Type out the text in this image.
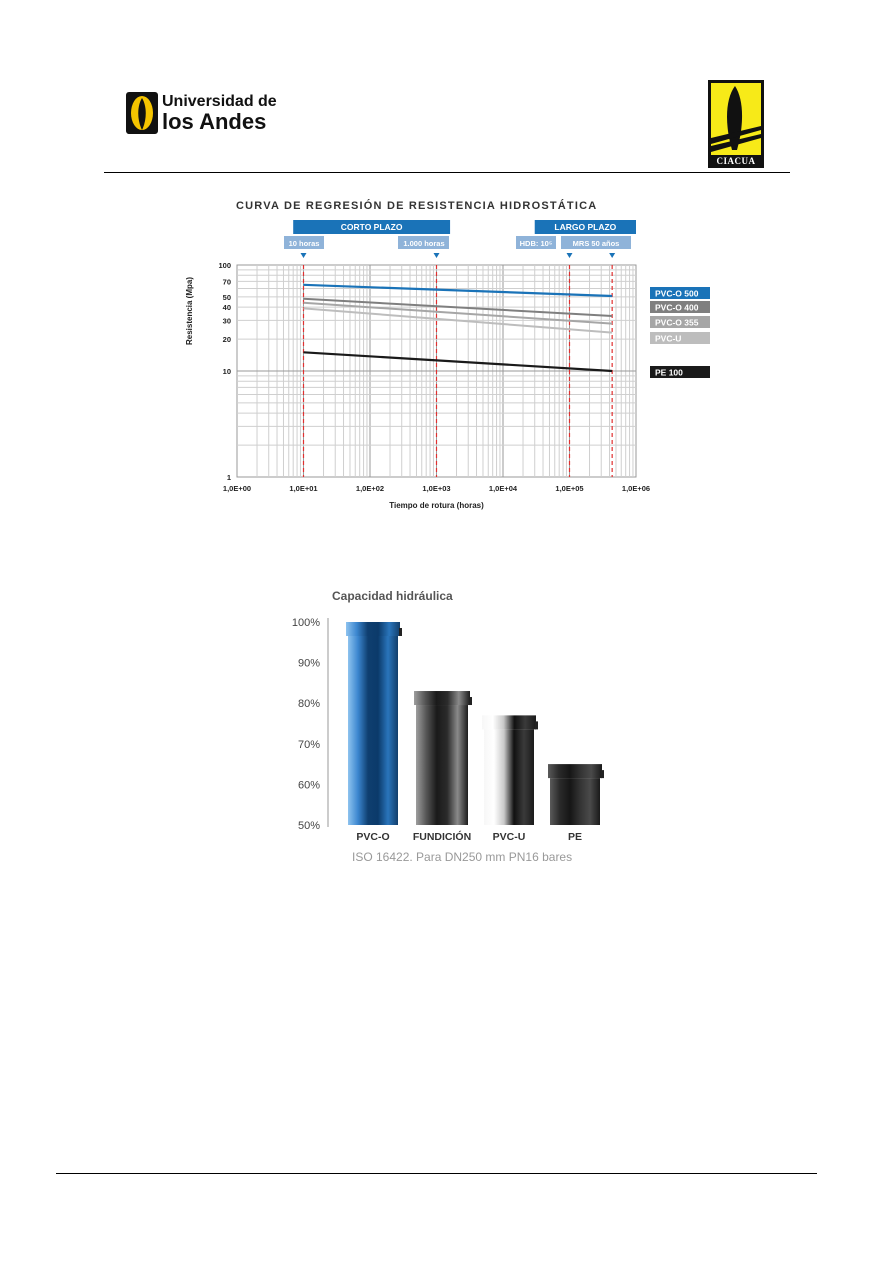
Universidad de
los Andes
CIACUA
CURVA DE REGRESIÓN DE RESISTENCIA HIDROSTÁTICA
1,0E+00	1,0E+01	1,0E+02	1,0E+03	1,0E+04	1,0E+05	1,0E+06
1
10
20
30
40
50
70
100
Tiempo de rotura (horas)
Resistencia (Mpa)
CORTO PLAZO	LARGO PLAZO
10 horas	1.000 horas	HDB: 10⁵	MRS 50 años
PVC-O 500
PVC-O 400
PVC-O 355
PVC-U
PE 100
Capacidad hidráulica
100%
90%
80%
70%
60%
50%
PVC-O FUNDICIÓN PVC-U	PE
ISO 16422. Para DN250 mm PN16 bares
